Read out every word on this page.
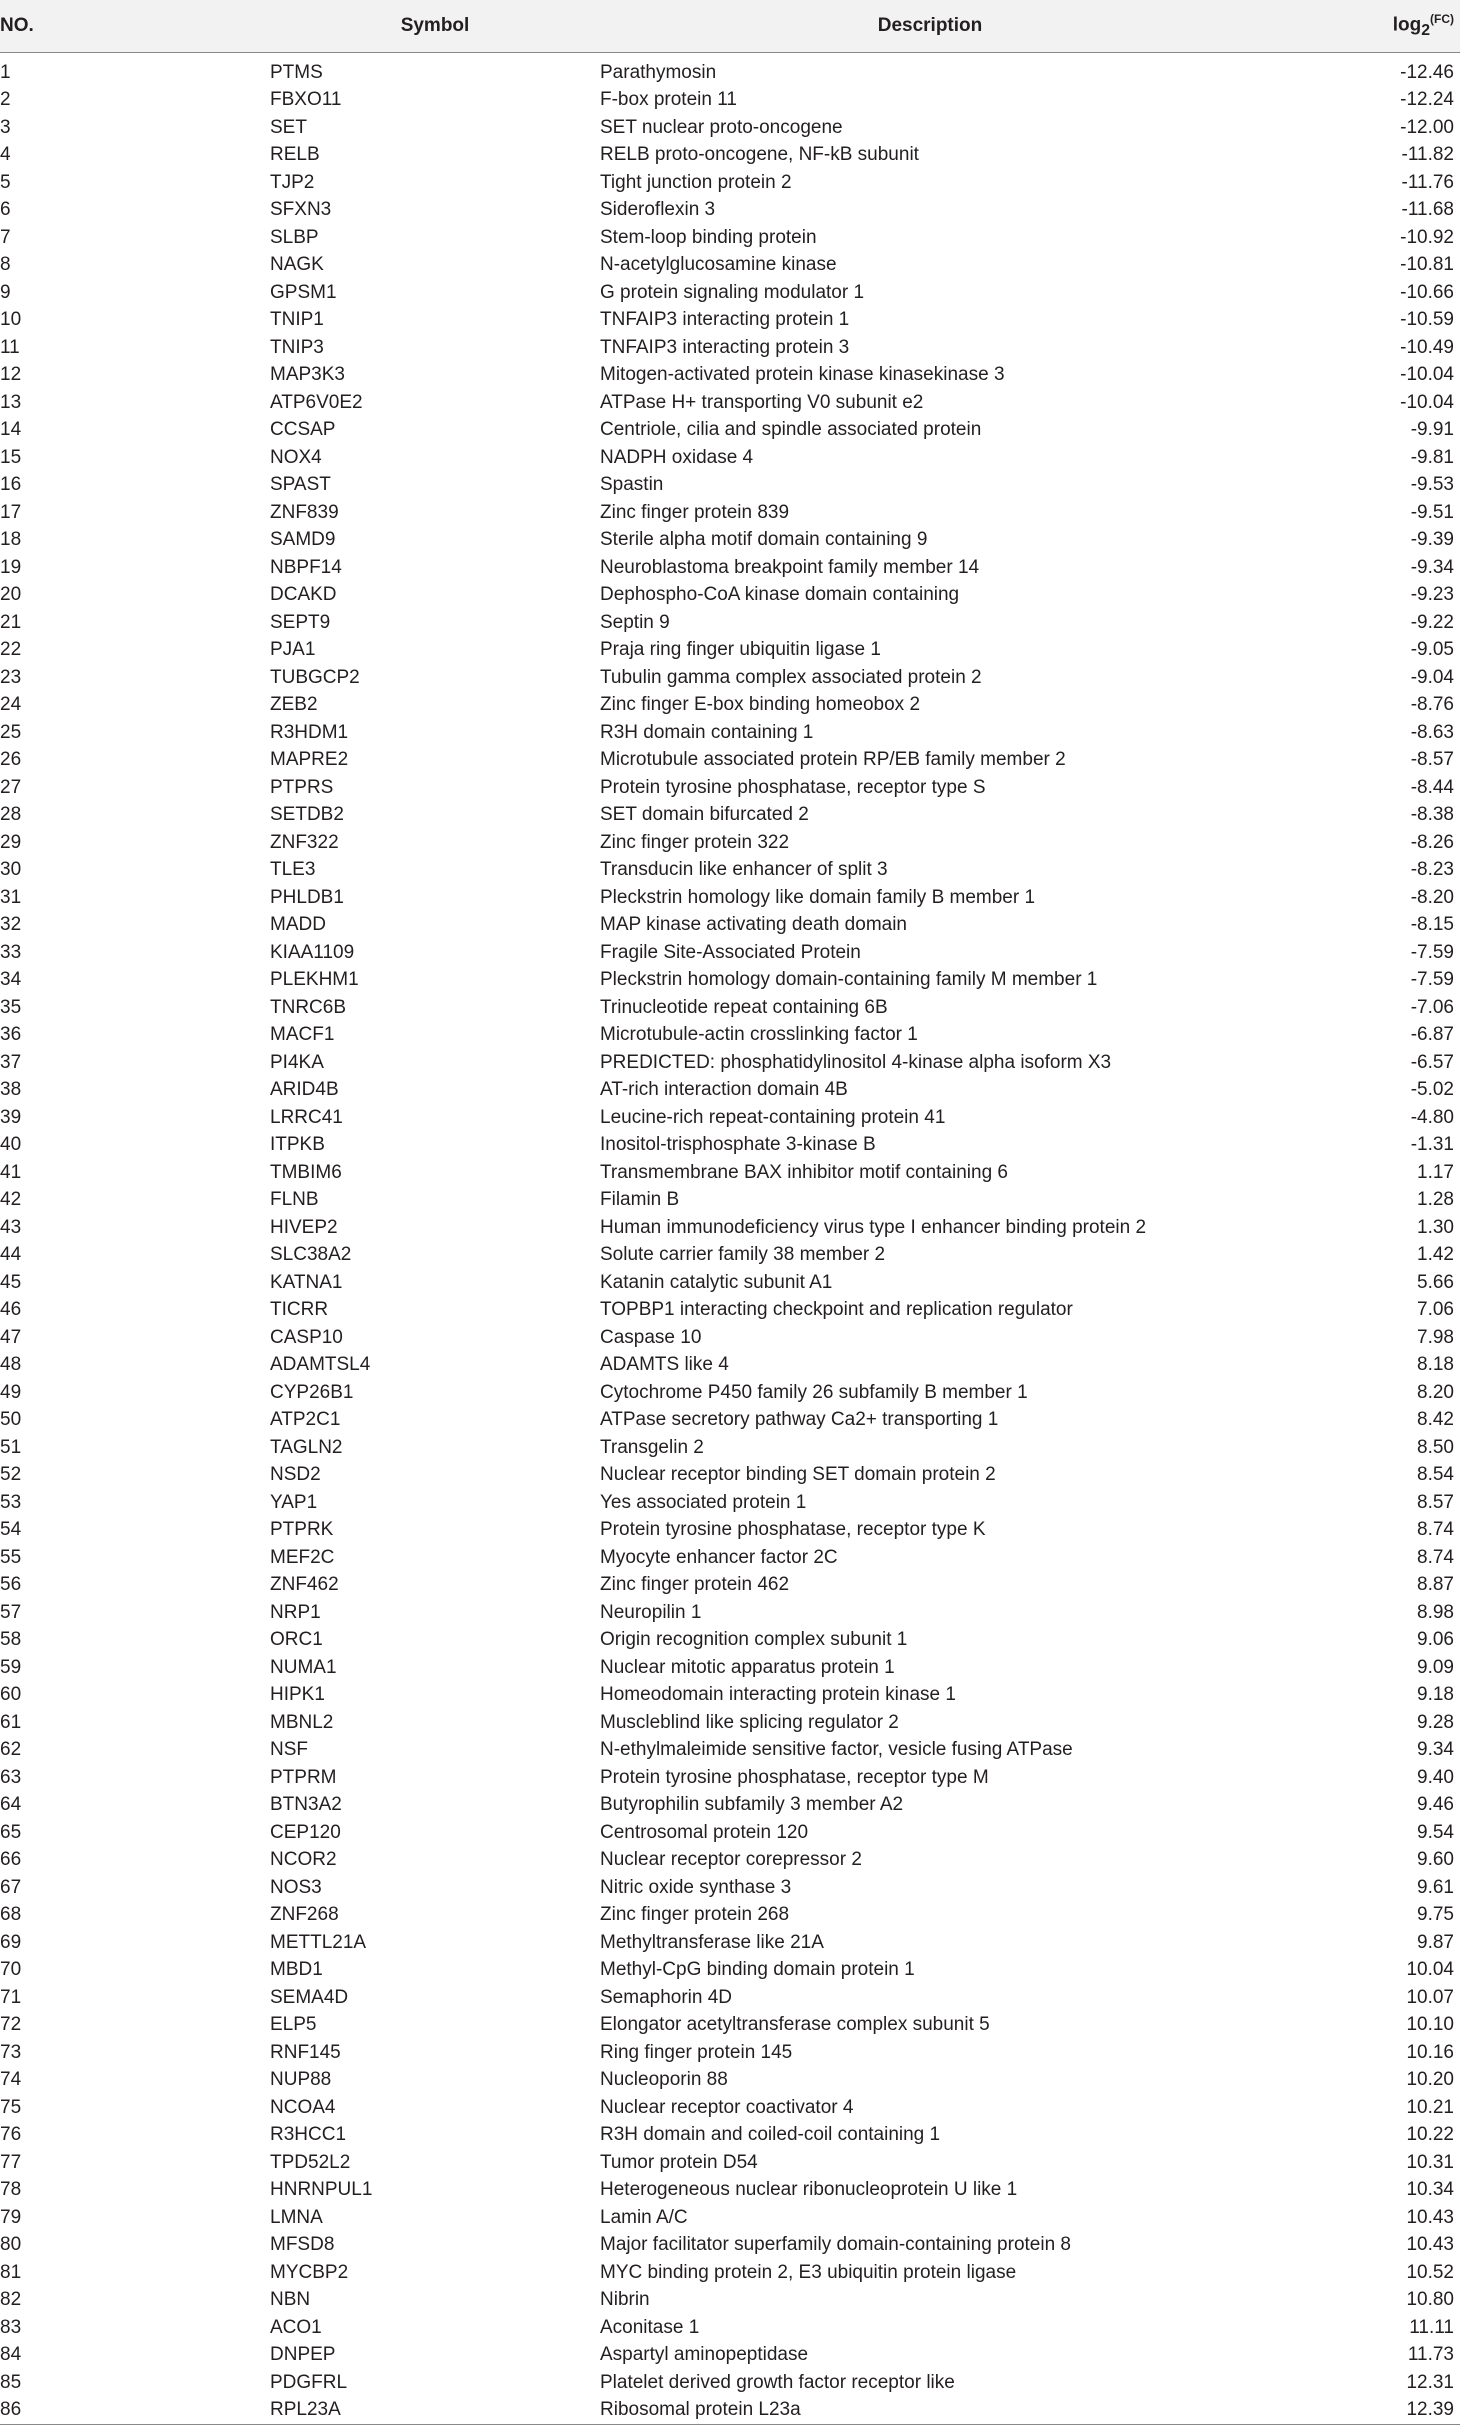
NO.	Symbol	Description	$\log_2^{(FC)}$
1	PTMS	Parathymosin	-12.46
2	FBXO11	F-box protein 11	-12.24
3	SET	SET nuclear proto-oncogene	-12.00
4	RELB	RELB proto-oncogene, NF-kB subunit	-11.82
5	TJP2	Tight junction protein 2	-11.76
6	SFXN3	Sideroflexin 3	-11.68
7	SLBP	Stem-loop binding protein	-10.92
8	NAGK	N-acetylglucosamine kinase	-10.81
9	GPSM1	G protein signaling modulator 1	-10.66
10	TNIP1	TNFAIP3 interacting protein 1	-10.59
11	TNIP3	TNFAIP3 interacting protein 3	-10.49
12	MAP3K3	Mitogen-activated protein kinase kinasekinase 3	-10.04
13	ATP6V0E2	ATPase H+ transporting V0 subunit e2	-10.04
14	CCSAP	Centriole, cilia and spindle associated protein	-9.91
15	NOX4	NADPH oxidase 4	-9.81
16	SPAST	Spastin	-9.53
17	ZNF839	Zinc finger protein 839	-9.51
18	SAMD9	Sterile alpha motif domain containing 9	-9.39
19	NBPF14	Neuroblastoma breakpoint family member 14	-9.34
20	DCAKD	Dephospho-CoA kinase domain containing	-9.23
21	SEPT9	Septin 9	-9.22
22	PJA1	Praja ring finger ubiquitin ligase 1	-9.05
23	TUBGCP2	Tubulin gamma complex associated protein 2	-9.04
24	ZEB2	Zinc finger E-box binding homeobox 2	-8.76
25	R3HDM1	R3H domain containing 1	-8.63
26	MAPRE2	Microtubule associated protein RP/EB family member 2	-8.57
27	PTPRS	Protein tyrosine phosphatase, receptor type S	-8.44
28	SETDB2	SET domain bifurcated 2	-8.38
29	ZNF322	Zinc finger protein 322	-8.26
30	TLE3	Transducin like enhancer of split 3	-8.23
31	PHLDB1	Pleckstrin homology like domain family B member 1	-8.20
32	MADD	MAP kinase activating death domain	-8.15
33	KIAA1109	Fragile Site-Associated Protein	-7.59
34	PLEKHM1	Pleckstrin homology domain-containing family M member 1	-7.59
35	TNRC6B	Trinucleotide repeat containing 6B	-7.06
36	MACF1	Microtubule-actin crosslinking factor 1	-6.87
37	PI4KA	PREDICTED: phosphatidylinositol 4-kinase alpha isoform X3	-6.57
38	ARID4B	AT-rich interaction domain 4B	-5.02
39	LRRC41	Leucine-rich repeat-containing protein 41	-4.80
40	ITPKB	Inositol-trisphosphate 3-kinase B	-1.31
41	TMBIM6	Transmembrane BAX inhibitor motif containing 6	1.17
42	FLNB	Filamin B	1.28
43	HIVEP2	Human immunodeficiency virus type I enhancer binding protein 2	1.30
44	SLC38A2	Solute carrier family 38 member 2	1.42
45	KATNA1	Katanin catalytic subunit A1	5.66
46	TICRR	TOPBP1 interacting checkpoint and replication regulator	7.06
47	CASP10	Caspase 10	7.98
48	ADAMTSL4	ADAMTS like 4	8.18
49	CYP26B1	Cytochrome P450 family 26 subfamily B member 1	8.20
50	ATP2C1	ATPase secretory pathway Ca2+ transporting 1	8.42
51	TAGLN2	Transgelin 2	8.50
52	NSD2	Nuclear receptor binding SET domain protein 2	8.54
53	YAP1	Yes associated protein 1	8.57
54	PTPRK	Protein tyrosine phosphatase, receptor type K	8.74
55	MEF2C	Myocyte enhancer factor 2C	8.74
56	ZNF462	Zinc finger protein 462	8.87
57	NRP1	Neuropilin 1	8.98
58	ORC1	Origin recognition complex subunit 1	9.06
59	NUMA1	Nuclear mitotic apparatus protein 1	9.09
60	HIPK1	Homeodomain interacting protein kinase 1	9.18
61	MBNL2	Muscleblind like splicing regulator 2	9.28
62	NSF	N-ethylmaleimide sensitive factor, vesicle fusing ATPase	9.34
63	PTPRM	Protein tyrosine phosphatase, receptor type M	9.40
64	BTN3A2	Butyrophilin subfamily 3 member A2	9.46
65	CEP120	Centrosomal protein 120	9.54
66	NCOR2	Nuclear receptor corepressor 2	9.60
67	NOS3	Nitric oxide synthase 3	9.61
68	ZNF268	Zinc finger protein 268	9.75
69	METTL21A	Methyltransferase like 21A	9.87
70	MBD1	Methyl-CpG binding domain protein 1	10.04
71	SEMA4D	Semaphorin 4D	10.07
72	ELP5	Elongator acetyltransferase complex subunit 5	10.10
73	RNF145	Ring finger protein 145	10.16
74	NUP88	Nucleoporin 88	10.20
75	NCOA4	Nuclear receptor coactivator 4	10.21
76	R3HCC1	R3H domain and coiled-coil containing 1	10.22
77	TPD52L2	Tumor protein D54	10.31
78	HNRNPUL1	Heterogeneous nuclear ribonucleoprotein U like 1	10.34
79	LMNA	Lamin A/C	10.43
80	MFSD8	Major facilitator superfamily domain-containing protein 8	10.43
81	MYCBP2	MYC binding protein 2, E3 ubiquitin protein ligase	10.52
82	NBN	Nibrin	10.80
83	ACO1	Aconitase 1	11.11
84	DNPEP	Aspartyl aminopeptidase	11.73
85	PDGFRL	Platelet derived growth factor receptor like	12.31
86	RPL23A	Ribosomal protein L23a	12.39
